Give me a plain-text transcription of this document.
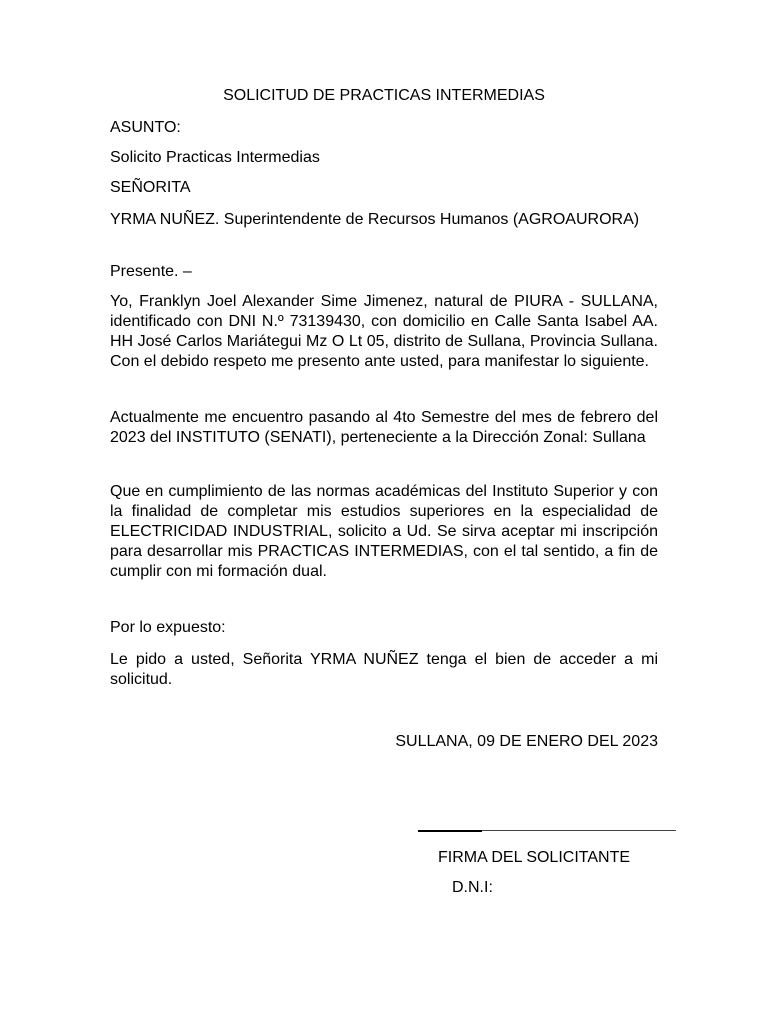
SOLICITUD DE PRACTICAS INTERMEDIAS

ASUNTO:

Solicito Practicas Intermedias

SEÑORITA

YRMA NUÑEZ. Superintendente de Recursos Humanos (AGROAURORA)

Presente. –

Yo, Franklyn Joel Alexander Sime Jimenez, natural de PIURA - SULLANA, identificado con DNI N.º 73139430, con domicilio en Calle Santa Isabel AA. HH José Carlos Mariátegui Mz O Lt 05, distrito de Sullana, Provincia Sullana. Con el debido respeto me presento ante usted, para manifestar lo siguiente.

Actualmente me encuentro pasando al 4to Semestre del mes de febrero del 2023 del INSTITUTO (SENATI), perteneciente a la Dirección Zonal: Sullana

Que en cumplimiento de las normas académicas del Instituto Superior y con la finalidad de completar mis estudios superiores en la especialidad de ELECTRICIDAD INDUSTRIAL, solicito a Ud. Se sirva aceptar mi inscripción para desarrollar mis PRACTICAS INTERMEDIAS, con el tal sentido, a fin de cumplir con mi formación dual.

Por lo expuesto:

Le pido a usted, Señorita YRMA NUÑEZ tenga el bien de acceder a mi solicitud.

SULLANA, 09 DE ENERO DEL 2023

FIRMA DEL SOLICITANTE
D.N.I:
